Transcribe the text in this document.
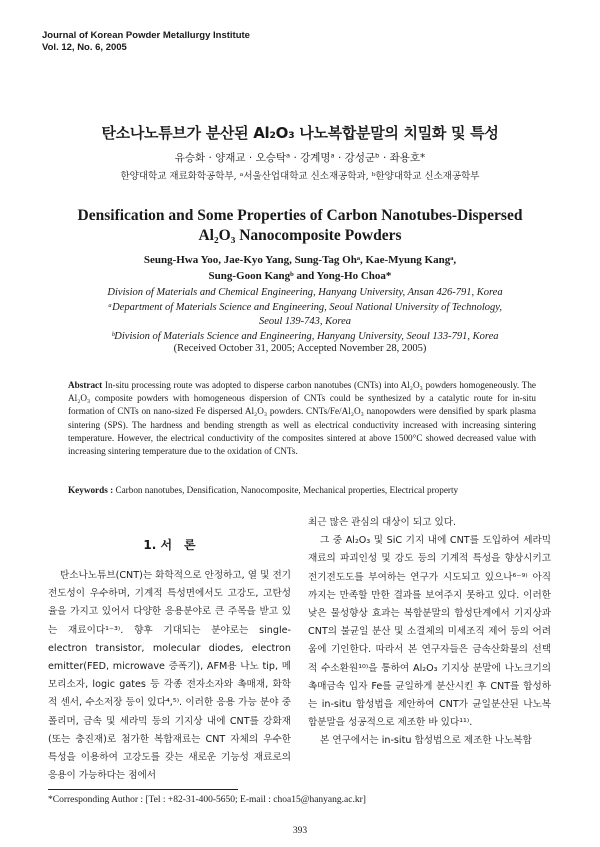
Journal of Korean Powder Metallurgy Institute
Vol. 12, No. 6, 2005
탄소나노튜브가 분산된 Al₂O₃ 나노복합분말의 치밀화 및 특성
유승화 · 양재교 · 오승탁ᵃ · 강계명ᵃ · 강성군ᵇ · 좌용호*
한양대학교 재료화학공학부, ᵃ서울산업대학교 신소재공학과, ᵇ한양대학교 신소재공학부
Densification and Some Properties of Carbon Nanotubes-Dispersed
Al₂O₃ Nanocomposite Powders
Seung-Hwa Yoo, Jae-Kyo Yang, Sung-Tag Ohᵃ, Kae-Myung Kangᵃ,
Sung-Goon Kangᵇ and Yong-Ho Choa*
Division of Materials and Chemical Engineering, Hanyang University, Ansan 426-791, Korea
ᵃDepartment of Materials Science and Engineering, Seoul National University of Technology,
Seoul 139-743, Korea
ᵇDivision of Materials Science and Engineering, Hanyang University, Seoul 133-791, Korea
(Received October 31, 2005; Accepted November 28, 2005)
Abstract In-situ processing route was adopted to disperse carbon nanotubes (CNTs) into Al₂O₃ powders homogeneously. The Al₂O₃ composite powders with homogeneous dispersion of CNTs could be synthesized by a catalytic route for in-situ formation of CNTs on nano-sized Fe dispersed Al₂O₃ powders. CNTs/Fe/Al₂O₃ nanopowders were densified by spark plasma sintering (SPS). The hardness and bending strength as well as electrical conductivity increased with increasing sintering temperature. However, the electrical conductivity of the composites sintered at above 1500°C showed decreased value with increasing sintering temperature due to the oxidation of CNTs.
Keywords : Carbon nanotubes, Densification, Nanocomposite, Mechanical properties, Electrical property
1. 서　론

탄소나노튜브(CNT)는 화학적으로 안정하고, 열 및 전기전도성이 우수하며, 기계적 특성면에서도 고강도, 고탄성율을 가지고 있어서 다양한 응용분야로 큰 주목을 받고 있는 재료이다¹⁻³⁾. 향후 기대되는 분야로는 single-electron transistor, molecular diodes, electron emitter(FED, microwave 증폭기), AFM용 나노 tip, 메모리소자, logic gates 등 각종 전자소자와 촉매재, 화학적 센서, 수소저장 등이 있다⁴,⁵⁾. 이러한 응용 가능 분야 중 폴리머, 금속 및 세라믹 등의 기지상 내에 CNT를 강화재(또는 충진재)로 첨가한 복합재료는 CNT 자체의 우수한 특성을 이용하여 고강도를 갖는 새로운 기능성 재료로의 응용이 가능하다는 점에서

최근 많은 관심의 대상이 되고 있다.

그 중 Al₂O₃ 및 SiC 기지 내에 CNT를 도입하여 세라믹재료의 파괴인성 및 강도 등의 기계적 특성을 향상시키고 전기전도도를 부여하는 연구가 시도되고 있으나⁶⁻⁹⁾ 아직까지는 만족할 만한 결과를 보여주지 못하고 있다. 이러한 낮은 물성향상 효과는 복합분말의 합성단계에서 기지상과 CNT의 불균일 분산 및 소결체의 미세조직 제어 등의 어려움에 기인한다. 따라서 본 연구자들은 금속산화물의 선택적 수소환원¹⁰⁾을 통하여 Al₂O₃ 기지상 분말에 나노크기의 촉매금속 입자 Fe를 균일하게 분산시킨 후 CNT를 합성하는 in-situ 합성법을 제안하여 CNT가 균일분산된 나노복합분말을 성공적으로 제조한 바 있다¹¹⁾.

본 연구에서는 in-situ 합성법으로 제조한 나노복합

*Corresponding Author : [Tel : +82-31-400-5650; E-mail : choa15@hanyang.ac.kr]
393
